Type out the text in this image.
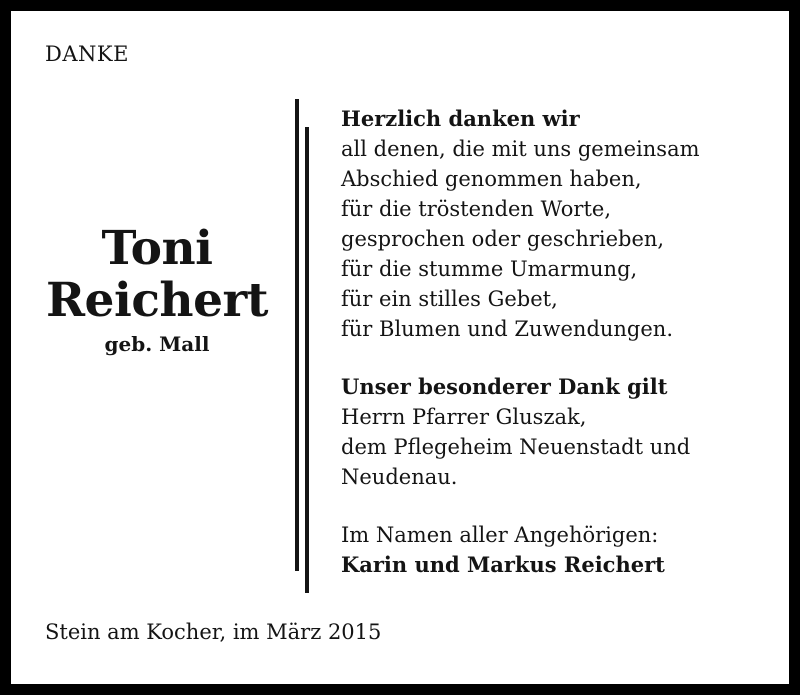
DANKE
Toni
Reichert
geb. Mall
Herzlich danken wir
all denen, die mit uns gemeinsam
Abschied genommen haben,
für die tröstenden Worte,
gesprochen oder geschrieben,
für die stumme Umarmung,
für ein stilles Gebet,
für Blumen und Zuwendungen.
Unser besonderer Dank gilt
Herrn Pfarrer Gluszak,
dem Pflegeheim Neuenstadt und
Neudenau.
Im Namen aller Angehörigen:
Karin und Markus Reichert
Stein am Kocher, im März 2015
